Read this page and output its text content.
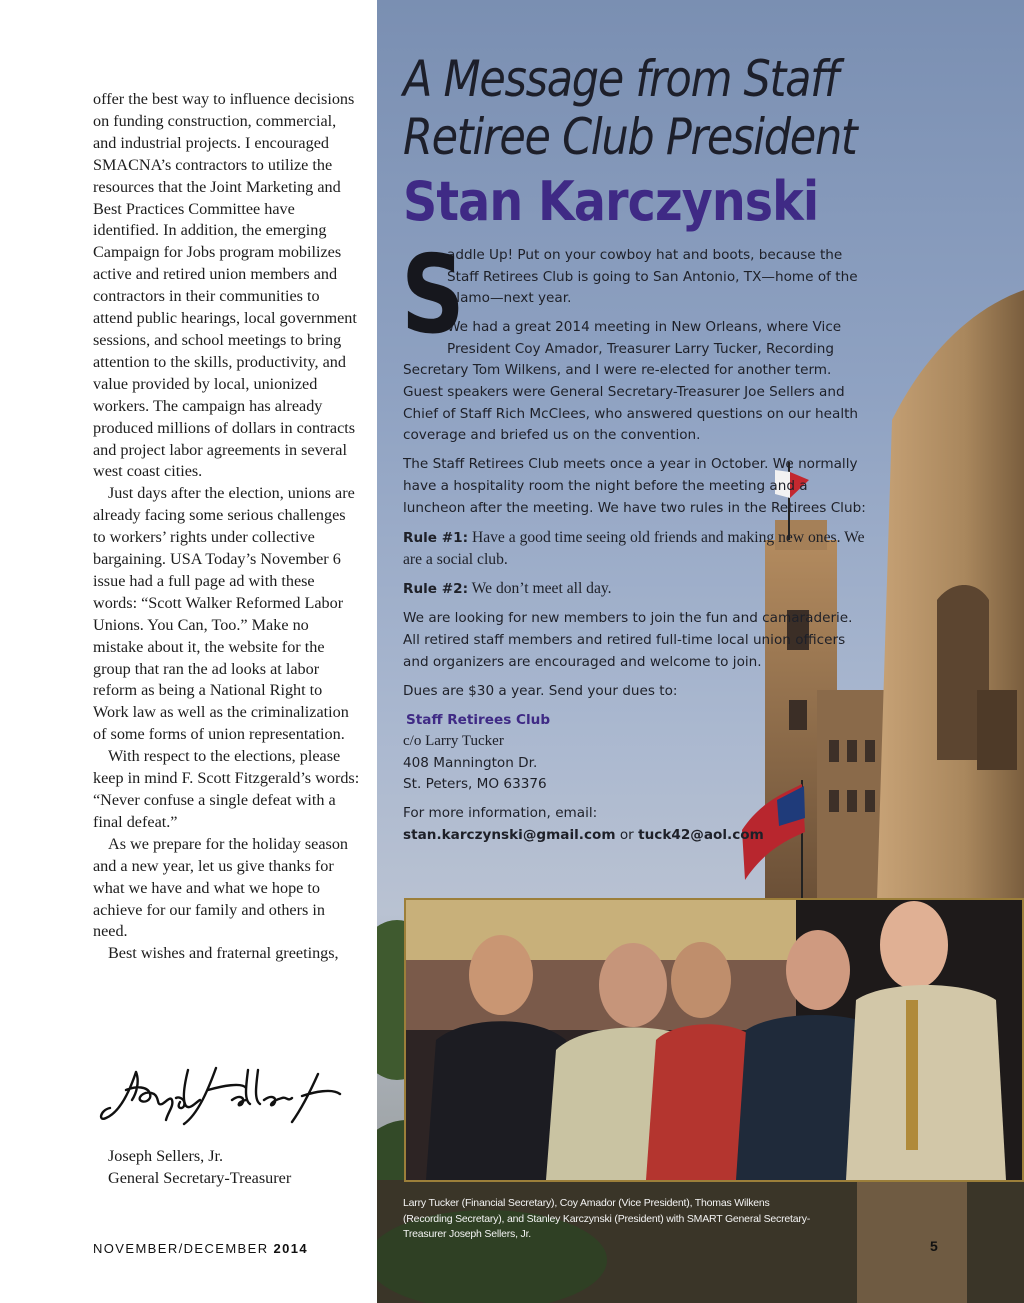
offer the best way to influence decisions on funding construction, commercial, and industrial projects. I encouraged SMACNA’s contractors to utilize the resources that the Joint Marketing and Best Practices Committee have identified. In addition, the emerging Campaign for Jobs program mobilizes active and retired union members and contractors in their communities to attend public hearings, local government sessions, and school meetings to bring attention to the skills, productivity, and value provided by local, unionized workers. The campaign has already produced millions of dollars in contracts and project labor agreements in several west coast cities.

Just days after the election, unions are already facing some serious challenges to workers’ rights under collective bargaining. USA Today’s November 6 issue had a full page ad with these words: “Scott Walker Reformed Labor Unions. You Can, Too.” Make no mistake about it, the website for the group that ran the ad looks at labor reform as being a National Right to Work law as well as the criminalization of some forms of union representation.

With respect to the elections, please keep in mind F. Scott Fitzgerald’s words: “Never confuse a single defeat with a final defeat.”

As we prepare for the holiday season and a new year, let us give thanks for what we have and what we hope to achieve for our family and others in need.

Best wishes and fraternal greetings,

Joseph Sellers, Jr.
General Secretary-Treasurer
NOVEMBER/DECEMBER 2014
A Message from Staff
Retiree Club President
Stan Karczynski

S
addle Up! Put on your cowboy hat and boots, because the Staff Retirees Club is going to San Antonio, TX—home of the Alamo—next year.

We had a great 2014 meeting in New Orleans, where Vice President Coy Amador, Treasurer Larry Tucker, Recording Secretary Tom Wilkens, and I were re-elected for another term. Guest speakers were General Secretary-Treasurer Joe Sellers and Chief of Staff Rich McClees, who answered questions on our health coverage and briefed us on the convention.

The Staff Retirees Club meets once a year in October. We normally have a hospitality room the night before the meeting and a luncheon after the meeting. We have two rules in the Retirees Club:

Rule #1: Have a good time seeing old friends and making new ones. We are a social club.

Rule #2: We don’t meet all day.

We are looking for new members to join the fun and camaraderie. All retired staff members and retired full-time local union officers and organizers are encouraged and welcome to join.

Dues are $30 a year. Send your dues to:

Staff Retirees Club
c/o Larry Tucker
408 Mannington Dr.
St. Peters, MO 63376
For more information, email:
stan.karczynski@gmail.com or tuck42@aol.com
Larry Tucker (Financial Secretary), Coy Amador (Vice President), Thomas Wilkens (Recording Secretary), and Stanley Karczynski (President) with SMART General Secretary-Treasurer Joseph Sellers, Jr.
5
